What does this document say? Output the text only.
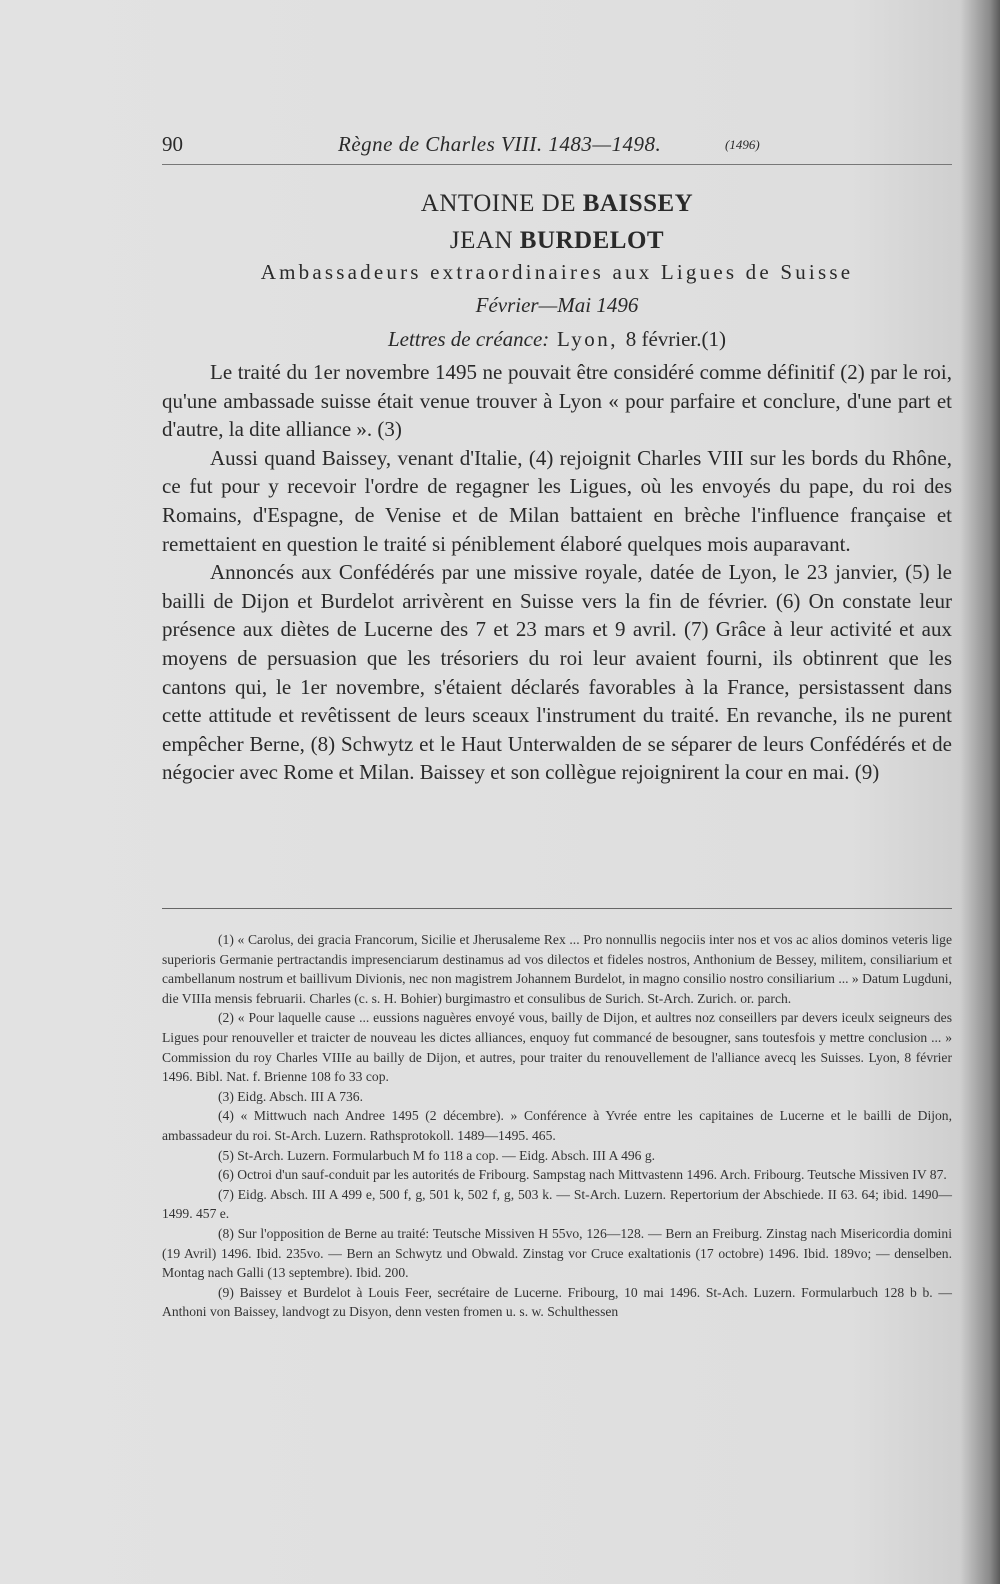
90	Règne de Charles VIII. 1483—1498.	(1496)
ANTOINE DE BAISSEY
JEAN BURDELOT
Ambassadeurs extraordinaires aux Ligues de Suisse
Février—Mai 1496
Lettres de créance: Lyon, 8 février.(1)

Le traité du 1er novembre 1495 ne pouvait être considéré comme définitif (2) par le roi, qu'une ambassade suisse était venue trouver à Lyon « pour parfaire et conclure, d'une part et d'autre, la dite alliance ». (3)

Aussi quand Baissey, venant d'Italie, (4) rejoignit Charles VIII sur les bords du Rhône, ce fut pour y recevoir l'ordre de regagner les Ligues, où les envoyés du pape, du roi des Romains, d'Espagne, de Venise et de Milan battaient en brèche l'influence française et remettaient en question le traité si péniblement élaboré quelques mois auparavant.

Annoncés aux Confédérés par une missive royale, datée de Lyon, le 23 janvier, (5) le bailli de Dijon et Burdelot arrivèrent en Suisse vers la fin de février. (6) On constate leur présence aux diètes de Lucerne des 7 et 23 mars et 9 avril. (7) Grâce à leur activité et aux moyens de persuasion que les trésoriers du roi leur avaient fourni, ils obtinrent que les cantons qui, le 1er novembre, s'étaient déclarés favorables à la France, persistassent dans cette attitude et revêtissent de leurs sceaux l'instrument du traité. En revanche, ils ne purent empêcher Berne, (8) Schwytz et le Haut Unterwalden de se séparer de leurs Confédérés et de négocier avec Rome et Milan. Baissey et son collègue rejoignirent la cour en mai. (9)

(1) « Carolus, dei gracia Francorum, Sicilie et Jherusaleme Rex ... Pro nonnullis negociis inter nos et vos ac alios dominos veteris lige superioris Germanie pertractandis impresenciarum destinamus ad vos dilectos et fideles nostros, Anthonium de Bessey, militem, consiliarium et cambellanum nostrum et baillivum Divionis, nec non magistrem Johannem Burdelot, in magno consilio nostro consiliarium ... » Datum Lugduni, die VIIIa mensis februarii. Charles (c. s. H. Bohier) burgimastro et consulibus de Surich. St-Arch. Zurich. or. parch.

(2) « Pour laquelle cause ... eussions naguères envoyé vous, bailly de Dijon, et aultres noz conseillers par devers iceulx seigneurs des Ligues pour renouveller et traicter de nouveau les dictes alliances, enquoy fut commancé de besougner, sans toutesfois y mettre conclusion ... » Commission du roy Charles VIIIe au bailly de Dijon, et autres, pour traiter du renouvellement de l'alliance avecq les Suisses. Lyon, 8 février 1496. Bibl. Nat. f. Brienne 108 fo 33 cop.

(3) Eidg. Absch. III A 736.

(4) « Mittwuch nach Andree 1495 (2 décembre). » Conférence à Yvrée entre les capitaines de Lucerne et le bailli de Dijon, ambassadeur du roi. St-Arch. Luzern. Rathsprotokoll. 1489—1495. 465.

(5) St-Arch. Luzern. Formularbuch M fo 118 a cop. — Eidg. Absch. III A 496 g.

(6) Octroi d'un sauf-conduit par les autorités de Fribourg. Sampstag nach Mittvastenn 1496. Arch. Fribourg. Teutsche Missiven IV 87.

(7) Eidg. Absch. III A 499 e, 500 f, g, 501 k, 502 f, g, 503 k. — St-Arch. Luzern. Repertorium der Abschiede. II 63. 64; ibid. 1490—1499. 457 e.

(8) Sur l'opposition de Berne au traité: Teutsche Missiven H 55vo, 126—128. — Bern an Freiburg. Zinstag nach Misericordia domini (19 Avril) 1496. Ibid. 235vo. — Bern an Schwytz und Obwald. Zinstag vor Cruce exaltationis (17 octobre) 1496. Ibid. 189vo; — denselben. Montag nach Galli (13 septembre). Ibid. 200.

(9) Baissey et Burdelot à Louis Feer, secrétaire de Lucerne. Fribourg, 10 mai 1496. St-Ach. Luzern. Formularbuch 128 b b. — Anthoni von Baissey, landvogt zu Disyon, denn vesten fromen u. s. w. Schulthessen
